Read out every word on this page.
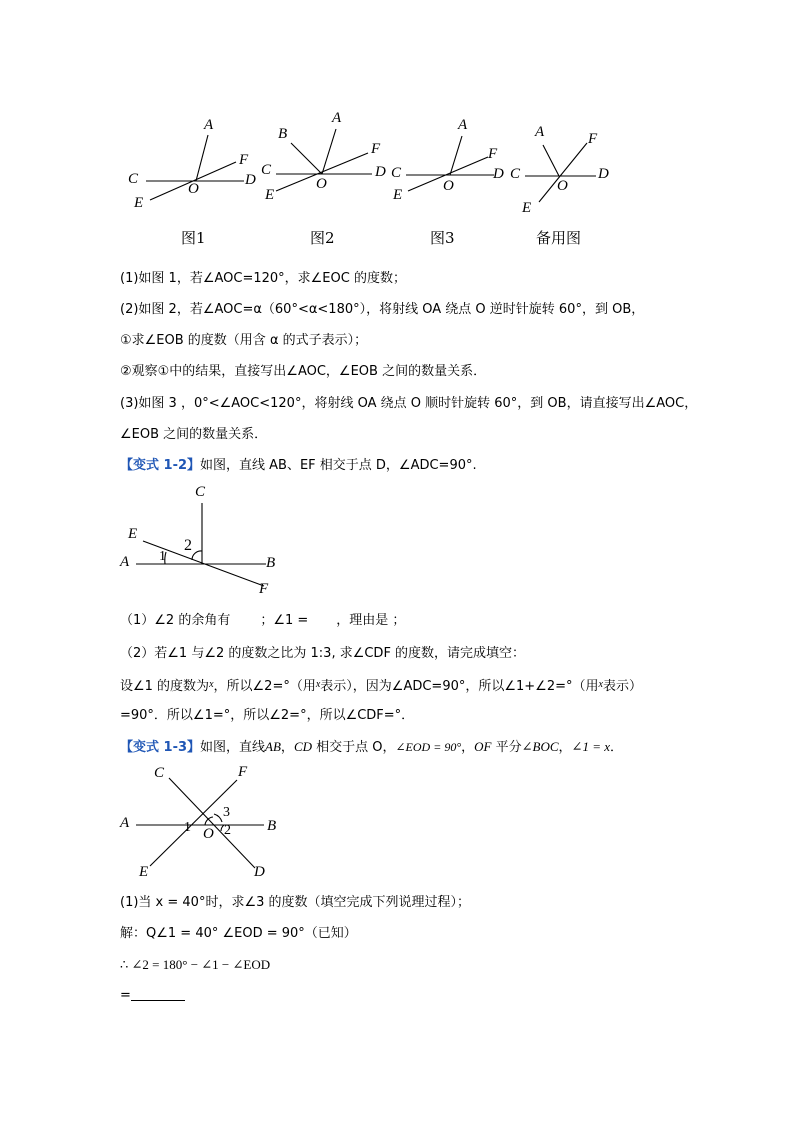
A
F
C
O
D
E
图1
B
A
F
C
O
D
E
图2
A
F
C
O
D
E
图3
A	F
C
O
D
E
备用图
(1)如图 1，若∠AOC=120°，求∠EOC 的度数；
(2)如图 2，若∠AOC=α（60°<α<180°），将射线 OA 绕点 O 逆时针旋转 60°，到 OB，
①求∠EOB 的度数（用含 α 的式子表示）；
②观察①中的结果，直接写出∠AOC，∠EOB 之间的数量关系．
(3)如图 3 ，0°<∠AOC<120°，将射线 OA 绕点 O 顺时针旋转 60°，到 OB，请直接写出∠AOC，
∠EOB 之间的数量关系．
【变式 1-2】如图，直线 AB、EF 相交于点 D，∠ADC=90°.
C
E
2
A 1	B
F
（1）∠2 的余角有 ；∠1 = ，理由是 ；
（2）若∠1 与∠2 的度数之比为 1:3, 求∠CDF 的度数，请完成填空：
设∠1 的度数为$^x$，所以∠2=°（用$^x$表示），因为∠ADC=90°，所以∠1+∠2=°（用$^x$表示）
=90°．所以∠1=°，所以∠2=°，所以∠CDF=°．
【变式 1-3】如图，直线AB，CD 相交于点 O，∠EOD = 90°，OF 平分∠BOC，∠1 = x．
C	F
3
A	1 O 2 B
E	D
(1)当 x = 40°时，求∠3 的度数（填空完成下列说理过程）；
解：Q∠1 = 40° ∠EOD = 90°（已知）
∴ ∠2 = 180° − ∠1 − ∠EOD
=
